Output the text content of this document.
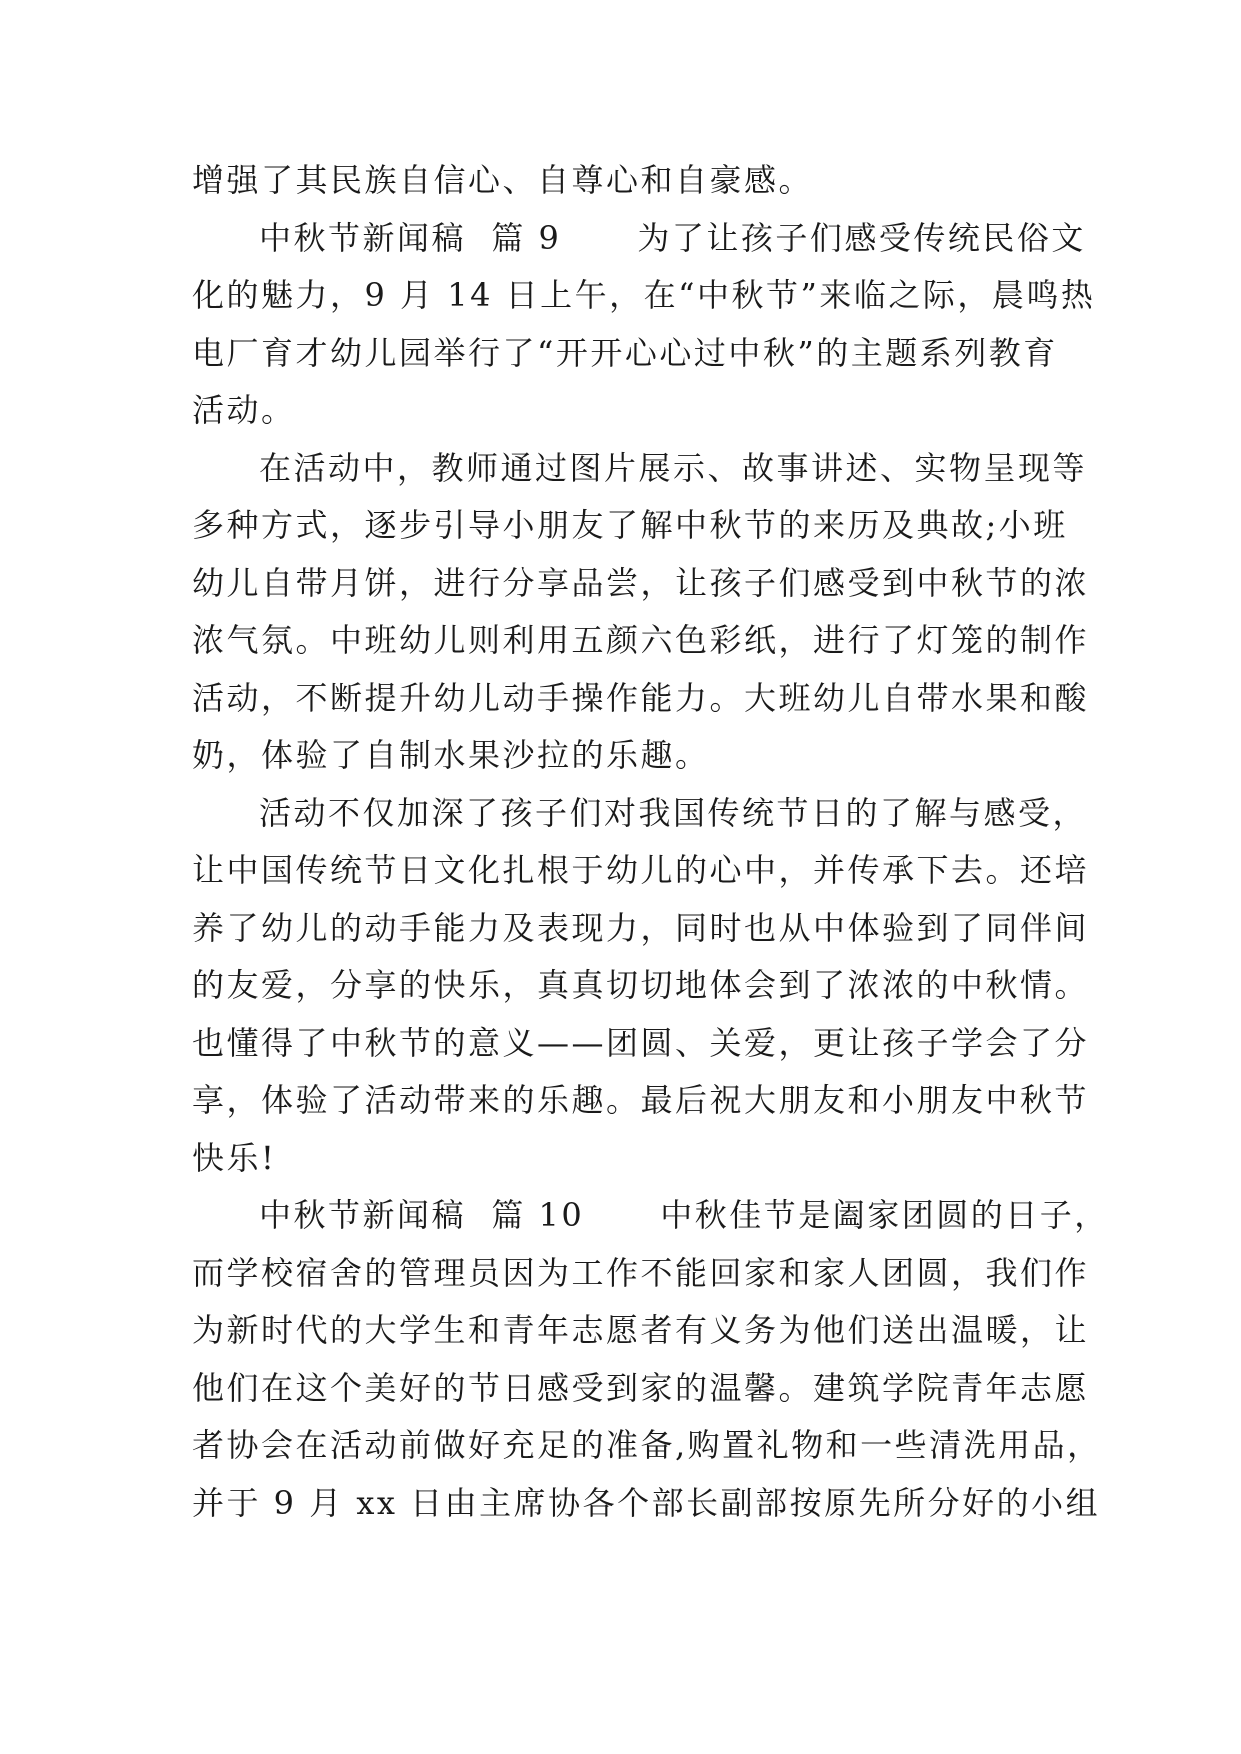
增强了其民族自信心、自尊心和自豪感。
中秋节新闻稿  篇 9      为了让孩子们感受传统民俗文
化的魅力，9 月 14 日上午，在“中秋节”来临之际，晨鸣热
电厂育才幼儿园举行了“开开心心过中秋”的主题系列教育
活动。
在活动中，教师通过图片展示、故事讲述、实物呈现等
多种方式，逐步引导小朋友了解中秋节的来历及典故;小班
幼儿自带月饼，进行分享品尝，让孩子们感受到中秋节的浓
浓气氛。中班幼儿则利用五颜六色彩纸，进行了灯笼的制作
活动，不断提升幼儿动手操作能力。大班幼儿自带水果和酸
奶，体验了自制水果沙拉的乐趣。
活动不仅加深了孩子们对我国传统节日的了解与感受，
让中国传统节日文化扎根于幼儿的心中，并传承下去。还培
养了幼儿的动手能力及表现力，同时也从中体验到了同伴间
的友爱，分享的快乐，真真切切地体会到了浓浓的中秋情。
也懂得了中秋节的意义——团圆、关爱，更让孩子学会了分
享，体验了活动带来的乐趣。最后祝大朋友和小朋友中秋节
快乐!
中秋节新闻稿  篇 10      中秋佳节是阖家团圆的日子，
而学校宿舍的管理员因为工作不能回家和家人团圆，我们作
为新时代的大学生和青年志愿者有义务为他们送出温暖，让
他们在这个美好的节日感受到家的温馨。建筑学院青年志愿
者协会在活动前做好充足的准备,购置礼物和一些清洗用品，
并于 9 月 xx 日由主席协各个部长副部按原先所分好的小组
